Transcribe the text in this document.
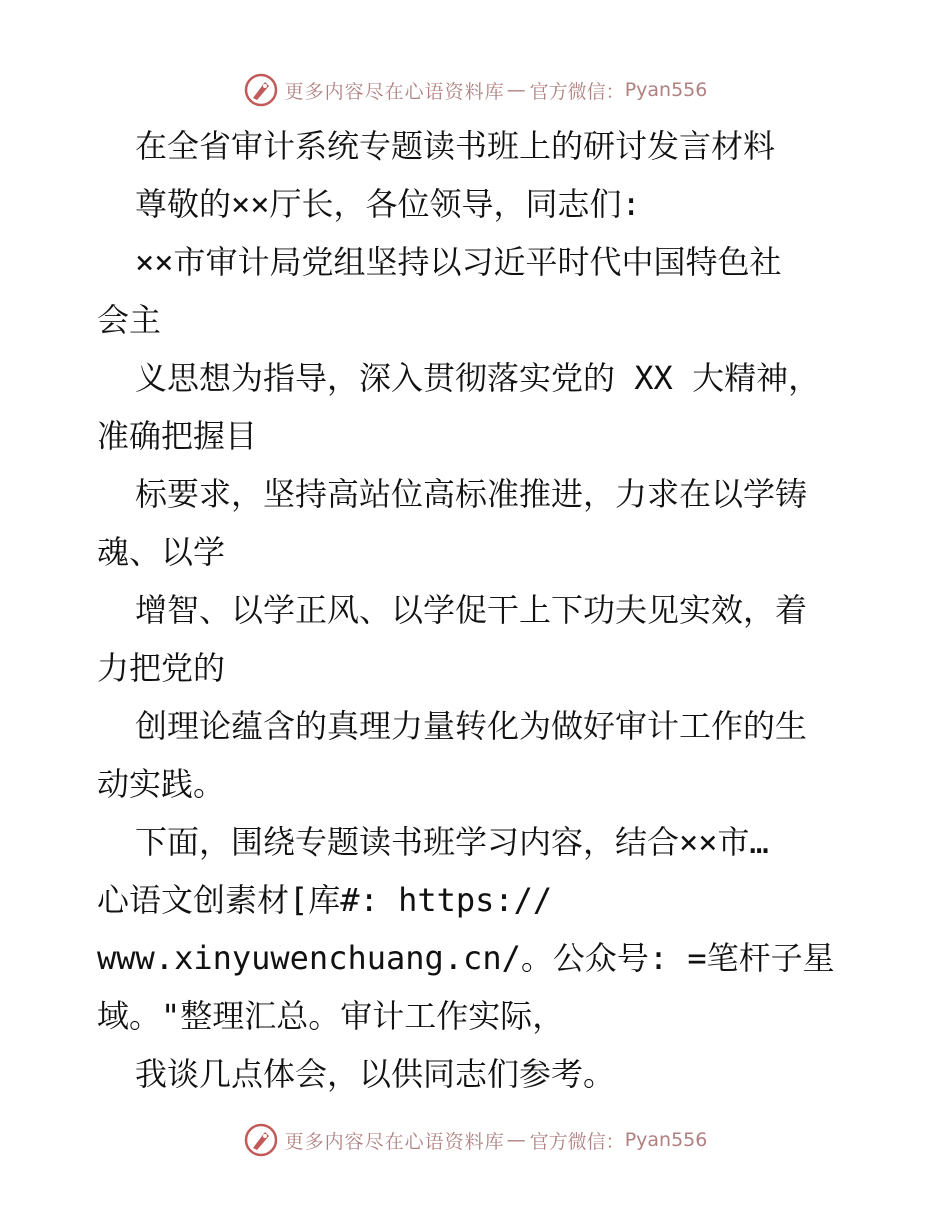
更多内容尽在心语资料库 — 官方微信： Pyan556
在全省审计系统专题读书班上的研讨发言材料
尊敬的××厅长，各位领导，同志们:
××市审计局党组坚持以习近平时代中国特色社
会主
义思想为指导，深入贯彻落实党的 XX 大精神，
准确把握目
标要求，坚持高站位高标准推进，力求在以学铸
魂、以学
增智、以学正风、以学促干上下功夫见实效，着
力把党的
创理论蕴含的真理力量转化为做好审计工作的生
动实践。
下面，围绕专题读书班学习内容，结合××市…
心语文创素材[库#: https://
www.xinyuwenchuang.cn/。公众号: =笔杆子星
域。"整理汇总。审计工作实际，
我谈几点体会，以供同志们参考。
更多内容尽在心语资料库 — 官方微信： Pyan556
